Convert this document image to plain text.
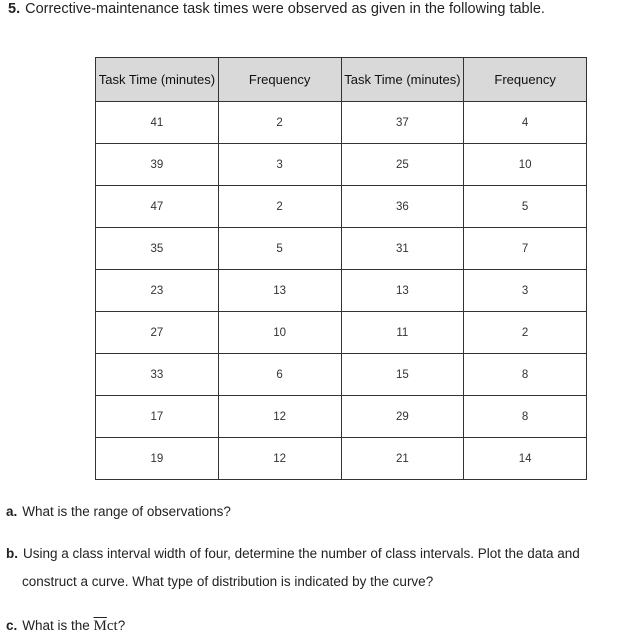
5. Corrective-maintenance task times were observed as given in the following table.
Task Time (minutes)	Frequency	Task Time (minutes)	Frequency
41	2	37	4
39	3	25	10
47	2	36	5
35	5	31	7
23	13	13	3
27	10	11	2
33	6	15	8
17	12	29	8
19	12	21	14
a. What is the range of observations?
b. Using a class interval width of four, determine the number of class intervals. Plot the data and
construct a curve. What type of distribution is indicated by the curve?
c. What is the $\overline{M}ct$?
